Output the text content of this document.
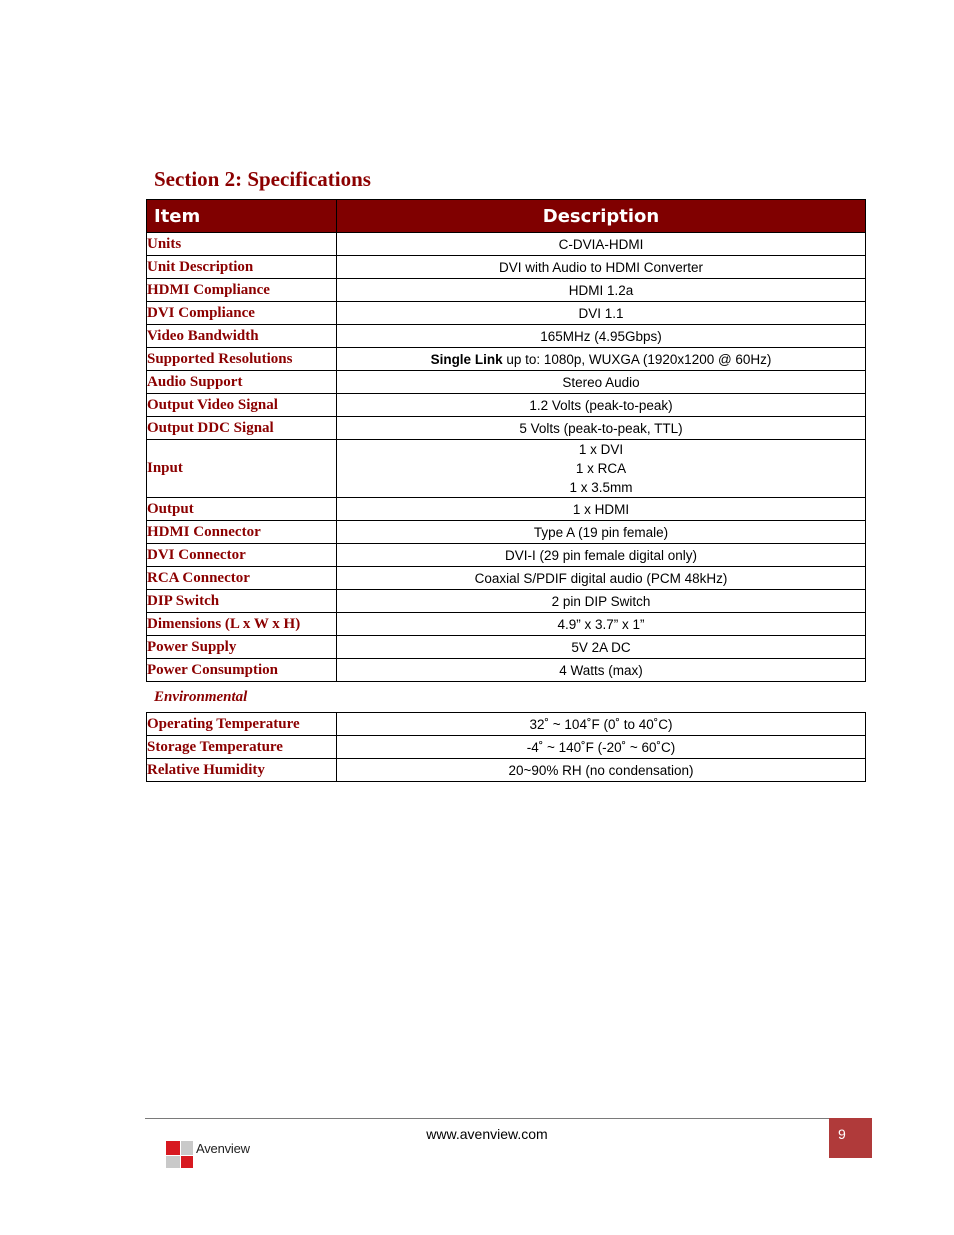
Section 2: Specifications
Item	Description
Units	C-DVIA-HDMI
Unit Description	DVI with Audio to HDMI Converter
HDMI Compliance	HDMI 1.2a
DVI Compliance	DVI 1.1
Video Bandwidth	165MHz (4.95Gbps)
Supported Resolutions	Single Link up to: 1080p, WUXGA (1920x1200 @ 60Hz)
Audio Support	Stereo Audio
Output Video Signal	1.2 Volts (peak-to-peak)
Output DDC Signal	5 Volts (peak-to-peak, TTL)
Input	1 x DVI
1 x RCA
1 x 3.5mm

Output	1 x HDMI
HDMI Connector	Type A (19 pin female)
DVI Connector	DVI-I (29 pin female digital only)
RCA Connector	Coaxial S/PDIF digital audio (PCM 48kHz)
DIP Switch	2 pin DIP Switch
Dimensions (L x W x H)	4.9” x 3.7” x 1”
Power Supply	5V 2A DC
Power Consumption	4 Watts (max)
Environmental
Operating Temperature	32˚ ~ 104˚F (0˚ to 40˚C)
Storage Temperature	-4˚ ~ 140˚F (-20˚ ~ 60˚C)
Relative Humidity	20~90% RH (no condensation)
www.avenview.com	9
Avenview
